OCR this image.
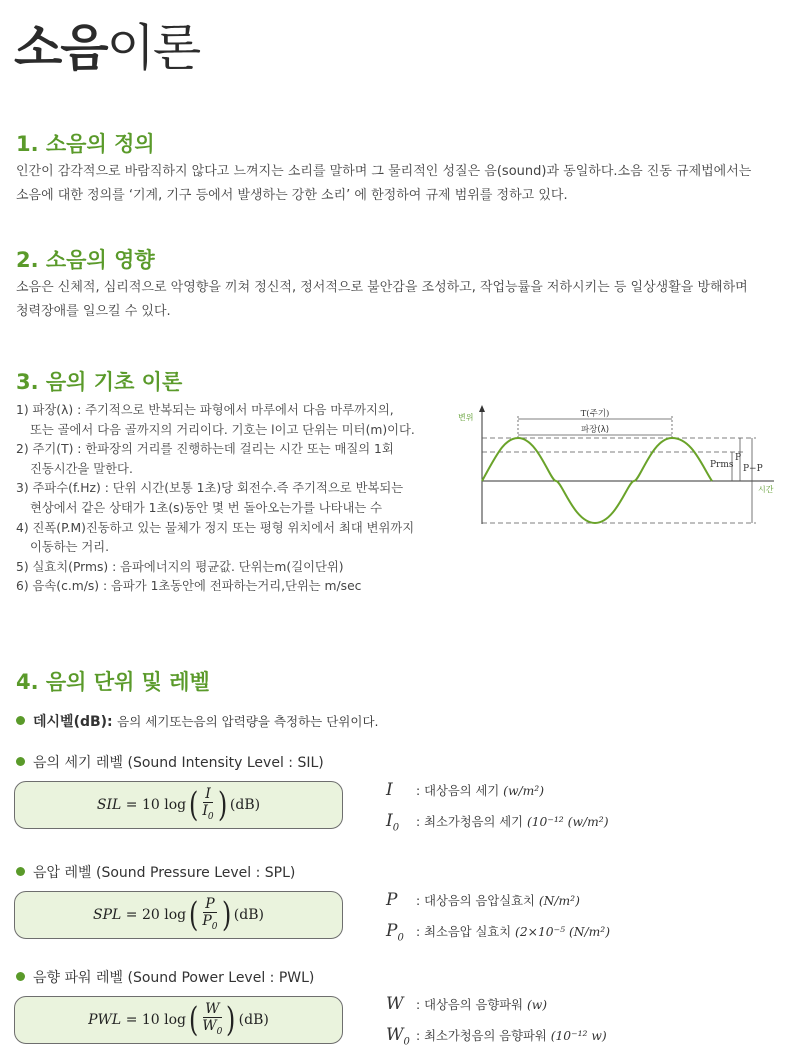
소음이론
1. 소음의 정의
인간이 감각적으로 바람직하지 않다고 느껴지는 소리를 말하며 그 물리적인 성질은 음(sound)과 동일하다.소음 진동 규제법에서는
소음에 대한 정의를 ‘기계, 기구 등에서 발생하는 강한 소리’ 에 한정하여 규제 범위를 정하고 있다.
2. 소음의 영향
소음은 신체적, 심리적으로 악영향을 끼쳐 정신적, 정서적으로 불안감을 조성하고, 작업능률을 저하시키는 등 일상생활을 방해하며
청력장애를 일으킬 수 있다.
3. 음의 기초 이론
1) 파장(λ) : 주기적으로 반복되는 파형에서 마루에서 다음 마루까지의,
또는 골에서 다음 골까지의 거리이다. 기호는 l이고 단위는 미터(m)이다.
2) 주기(T) : 한파장의 거리를 진행하는데 걸리는 시간 또는 매질의 1회
진동시간을 말한다.
3) 주파수(f.Hz) : 단위 시간(보통 1초)당 회전수.즉 주기적으로 반복되는
현상에서 같은 상태가 1초(s)동안 몇 번 돌아오는가를 나타내는 수
4) 진폭(P.M)진동하고 있는 물체가 정지 또는 평형 위치에서 최대 변위까지
이동하는 거리.
5) 실효치(Prms) : 음파에너지의 평균값. 단위는m(길이단위)
6) 음속(c.m/s) : 음파가 1초동안에 전파하는거리,단위는 m/sec
변위
시간
T(주기)
파장(λ)
Prms
P
P−P
4. 음의 단위 및 레벨
데시벨(dB): 음의 세기또는음의 압력량을 측정하는 단위이다.
음의 세기 레벨 (Sound Intensity Level : SIL)
SIL
= 10 log ( $\frac{I}{I_0}$ ) (dB)
I : 대상음의 세기 (w/m²)
$I_0$ : 최소가청음의 세기 (10⁻¹² (w/m²)
음압 레벨 (Sound Pressure Level : SPL)
SPL
= 20 log ( $\frac{P}{P_0}$ ) (dB)
P : 대상음의 음압실효치 (N/m²)
$P_0$ : 최소음압 실효치 (2×10⁻⁵ (N/m²)
음향 파워 레벨 (Sound Power Level : PWL)
PWL
= 10 log ( $\frac{W}{W_0}$ ) (dB)
W : 대상음의 음향파워 (w)
$W_0$ : 최소가청음의 음향파워 (10⁻¹² w)
